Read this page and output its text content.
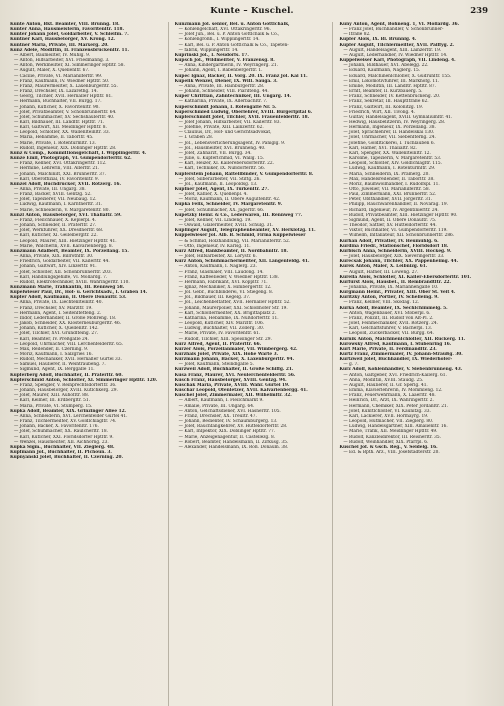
Kunte – Kuschel.	239
Kunte Anton, Bkt. Beamter, VIII. Brunng. 18.
Kunter Anna, Hausmeisterin, Favoritenſtr. 118.
Kunter Johann Joſef, Goldarbeiter, V. Schleifm. 7.
Kuntner Karl, Hausbeſorger, XV. Kröng. 12.
Kuntner Maria, Private, III. Marxerg. 20.
Kunz Adele, Modiſtin, II. Franzensbrückenſtr. 11.
— Albert, Baumeiſter, IV. Mühlg. 9.
— Anton, Hilfsarbeiter, XVI. Friedmanng. 3.
— Anton, Werkmeiſter, XI. Simmeringer Hptſtr. 58.
— Auguſt, Maler, X. Quellenſtr. 67.
— Cäcilie, Private, VI. Mariahilferſtr. 99.
— Franz, Kaufmann, IV. Wiedner Hptſtr. 50.
— Franz, Maurermeiſter, X. Laxenburgerſtr. 55.
— Franz, Drechsler, IX. Lazarethg. 14.
— Georg, Tiſchler, XVII. Hernalſer Hptſtr. 81.
— Hermann, Buchhalter, VII. Burgg. 17.
— Johann, Kutſcher, X. Favoritenſtr. 90.
— Joſef, Privatbeamter, V. Schönbrunnerſtr. 64.
— Joſef, Schuhmacher, XV. Sechshauſerſtr. 40.
— Karl, Bildhauer, III. Landſtr. Hptſtr. 71.
— Karl, Gaſtwirt, XII. Meidlinger Hptſtr. 8.
— Leopold, Schloſſer, XX. Wallenſteinſtr. 33.
— Maria, Hebamme, II. Taborſtr. 45.
— Marie, Private, I. Rotenturmſtr. 13.
— Rudolf, Ingenieur, XIX. Döblinger Hptſtr. 28.
Kunz & Comp., Kommiſſionsgeſchäft, I. Wipplingerſtr. 4.
Kunze Emil, Photograph, VI. Gumpendorferſtr. 62.
— Franz, Kellner, XVI. Ottakringerſtr. 112.
— Hermine, Lehrerin, VIII. Alſerſtr. 21.
— Johann, Maſchiniſt, XXI. Brünnerſtr. 37.
— Karl, Oberoffizial, IV. Favoritenſtr. 9.
Künzel Adolf, Buchdrucker, XVII. Rötzerg. 16.
— Anna, Private, III. Ungarg. 38.
— Franz, Bäcker, XVIII. Gentzg. 52.
— Joſef, Tapezierer, VII. Neubaug. 12.
— Ludwig, Kaufmann, I. Kärntnerſtr. 31.
— Marie, Schneiderin, V. Margaretenſtr. 80.
Kunzl Anton, Hausbeſorger, XVI. Thaliaſtr. 59.
— Franz, Fleiſchhauer, X. Keplerpl. 4.
— Johann, Schneider, II. Praterſtr. 27.
— Joſef, Werkführer, XX. Dresdnerſtr. 68.
— Karl, Kutſcher, XI. Geiſelbergſtr. 22.
— Leopold, Maurer, XIII. Hietzinger Hptſtr. 41.
— Marie, Wäſcherin, XVII. Kalvarienbergg. 8.
Kunzmann Adalbert, Beamter, IX. Porzellang. 15.
— Anna, Private, XIX. Billrothſtr. 30.
— Friedrich, Goldarbeiter, VII. Kaiſerſtr. 44.
— Johann, Gaſtwirt, XIV. Linzerſtr. 91.
— Joſef, Schloſſer, XII. Schönbrunnerſtr. 203.
— Karl, Handlungsgehilfe, VI. Mollardg. 7.
— Rudolf, Elektrotechniker, XVIII. Währingerſtr. 110.
Kunzmann Marie, Trafikantin, III. Rennweg 58.
Kupelwieser Paul, Dr., Hof- u. Gerichtsadv., I. Graben 14.
Kupfer Adolf, Kaufmann, II. Obere Donauſtr. 53.
— Anna, Private, IX. Liechtenſteinſtr. 40.
— Franz, Drechsler, XV. Märzſtr. 19.
— Hermann, Agent, I. Seitenſtetteng. 2.
— Iſidor, Lederhändler, II. Große Mohreng. 18.
— Jakob, Schneider, XX. Klosterneuburgerſtr. 46.
— Johann, Kutſcher, X. Quellenſtr. 142.
— Joſef, Tiſchler, XVI. Grundſteing. 27.
— Karl, Beamter, IV. Preßgaſſe 24.
— Leopold, Uhrmacher, VIII. Lerchenfelderſtr. 65.
— Max, Reiſender, II. Czerning. 9.
— Moriz, Kaufmann, I. Salzgries 16.
— Rudolf, Mechaniker, XVII. Hernalſer Gürtel 33.
— Samuel, Hauſierer, II. Weintraubeng. 7.
— Sigmund, Agent, IX. Berggaſſe 11.
Kupferberg Adolf, Buchhalter, II. Praterſtr. 60.
Kupferschmid Anton, Schloſſer, XI. Simmeringer Hptſtr. 120.
— Franz, Spengler, V. Reinprechtsdorferſtr. 36.
— Johann, Hausbeſorger, XVIII. Kutſchkerg. 29.
— Joſef, Maurer, XIII. Auhofſtr. 88.
— Karl, Kellner, III. Erdbergſtr. 51.
— Maria, Private, VI. Stumperg. 15.
Kupka Adolf, Beamter, XIX. Grinzinger Allee 12.
— Anna, Schneiderin, XVI. Lerchenfelder Gürtel 41.
— Franz, Tiſchlermeiſter, XV. Goldſchlagſtr. 74.
— Johann, Bäcker, X. Favoritenſtr. 176.
— Joſef, Schuhmacher, XX. Rauſcherſtr. 18.
— Karl, Kutſcher, XXI. Floridsdorfer Hptſtr. 9.
— Wenzel, Hausmeiſter, XII. Aichhorng. 23.
Kupka Sigm., Buchhalter, VII. Zieglerg. 48.
Kupfmann Jof., Buchhalter, II. Pſchoun. 3.
Kupnyanski Joſef, Buchhalter, II. Czerning. 20.
Kunzmann Joſ. senior, Bel. u. Anton Gottſchalk,
— Kohlengeſchäft, XVI. Ottakringerſtr. 96.
— Joſef Jun., Bel. u. P. Anton Gottſchalk & Co.,
— Kohlengroßh., I. Wipplingerſtr. 14.
— Karl, Bel. u. P. Anton Gottſchalk & Co., Tapeten-
— fabrik, Wipplingerſtr. 14.
Kuprinski Joſ., I. Neudorfs. 17.
Kupsch Joſ., Wildmeiſter, V. Franzensg. 8.
— Anna, Kindergärtnerin, IV. Weyringerg. 21.
— Johann, Agent, I. Babenbergerſtr. 1.
Kupec Ignaz, Bäcker, II. Vorg. 20. IX. Franz Joſ. Kai 11.
Kupelik Wenzel, Diener, IX. Wiſſ. Sauga. 3.
— Anna, Private, III. Hainburgerſtr. 28.
— Johann, Schneider, VIII. Piariſteng. 44.
Kuper Chriſtian, Zahntechniker, III. Ungarg. 14.
— Katharina, Private, IX. Alſerbachſtr. 7.
Kuperschmidt Johann, I. Rofengaſſe Nr. 5.
Kuperschmied Ludwig, Oberlehrer, XVIII. Bürgerſpital 6.
Kupferschmidt Joſef, Tiſchler, XVII. Frauenfelderſtr. 18.
— Joſef Johann, Hilfsarbeiter, VII. Kaiſerſtr. 83.
— Joſefine, Private, XIII. Lainzerſtr. 62.
— Clauſius, Dr., Hof- und Gerichtsadvokat,
— I. Graben 28.
— Joſ., Lebensverſicherungsagent, IV. Paniglg. 9.
— Joſ., Hausmeiſter, XVI. Brunneng. 40.
— Joſef, Zahnarzt, VII. Burgg. 34.
— Julie, u. Kupferſchmid, VI. Wallg. 15.
— Karl, Heizer, XI. Kaiſerebersdorferſtr. 22.
— Karl, Techniker, IX. Nußdorferſtr. 56.
Kupferstein Johann, Raſtellbinder, V. Gumpendorferſtr. 8.
— Joſef, Silberarbeiter, VII. Stiftg. 26.
— Joſ., Kaufmann, II. Leopoldsg. 13.
Kupfner Joſef, Agent, IX. Türkenſtr. 27.
— Joſef, Kaſſier, X. Quellenpl. 4.
— Moriz, Kaufmann, II. Obere Auguſtenſtr. 42.
Kupka Felix, Schneider, IV. Margaretenſtr. 9.
— Joſef, Schuhmacher, XX. Jägerſtr. 66.
Kupetzky Heinr. & Co., Lederwaren, III. Rennweg 77.
— Joſef, Kellner, VII. Lindeng. 19.
— Oswald, Glaſermeiſter, XVIII. Schulg. 31.
Kuplinger Auguſt, Telegraphenbeamter, XV. Herklotzg. 11.
Kuppelwieser Joſ. Alb. B. Schmid, Firma Kuppelwieser
— & Schmid, Holzhandlung, VII. Mariahilferſtr. 52.
— Otto, Ingenieur, IV. Karlsg. 11.
Kurz Alfred, Bankbeamter, II. Nordbahnſtr. 18.
— Joſef, Hilfsarbeiter, XI. Lorystr. 6.
Kurz Anton, Schuhmachermeiſter, XII. Längenfeldg. 41.
— Anton, Kaufmann, I. Naglerg. 23.
— Franz, Glasmaler, VIII. Laudong. 14.
— Franz, Kaffeeſieder, V. Wiedner Hptſtr. 138.
— Hermann, Fabrikant, XVI. Koppſtr. 71.
— Ignaz, Mechaniker, X. Himbergerſtr. 12.
— Joſ. Gebr., Buchbinderei, VI. Stiegeng. 8.
— Joſ., Bildhauer, III. Kegelg. 37.
— Joſ., Leichenbeſtatter, XVII. Hernalſer Hptſtr. 52.
— Johann, Maurerpolier, XXI. Schloßhofer Str. 19.
— Karl, Schloſſermeiſter, XX. Brigittaplatz 2.
— Katharina, Hebamme, IX. Nußdorferſtr. 11.
— Leopold, Kutſcher, XIV. Märzſtr. 106.
— Ludwig, Buchhalter, VII. Zollerg. 30.
— Marie, Private, IV. Favoritenſtr. 61.
— Rudolf, Tiſchler, XIII. Speisinger Str. 29.
Kurz Alfred, Agent, II. Praterſtr. 66.
Kurzer Alois, Porzellanmaler, VII. Wimbergerg. 42.
Kurzhals Joſef, Private, XIX. Hohe Warte 3.
Kurzmann Johann, Bäcker, X. Laxenburgerſtr. 94.
— Joſef, Kaufmann, Steindlgaſſe 5.
Kurzweil Adolf, Buchhalter, II. Große Schiffg. 21.
Kusa Franz, Maurer, XVI. Neulerchenfelderſtr. 56.
Kusch Franz, Hausbeſorger, XVIII. Gentzg. 94.
Kuschak Maria, Private, XVIII. Währ. Gürtel 19.
Kuschar Leopold, Ofenſetzer, XVII. Kalvarienbergg. 41.
Kuschel Joſef, Zimmermaler, XII. Wilhelmſtr. 32.
— Albert, Kaufmann, I. Fleiſchmarkt 9.
— Amalie, Private, III. Ungarg. 64.
— Anton, Geſchäftsdiener, XVI. Hasnerſtr. 105.
— Franz, Drechsler, XX. Treuſtr. 47.
— Johann, Bedienter, IV. Schaumburgerg. 13.
— Joſef, Rauchfangkehrer, XV. Hütteldorferſtr. 28.
— Karl, Inſpektor, XIX. Döblinger Hptſtr. 77.
— Marie, Anzeigenagentur, II. Castellezg. 8.
— Robert, Beamter, Handelsmann, II. Zirkusg. 35.
— Alexander, Handelsmann, IX. Roß. Donaum. 38.
Kuny Anton, Agent, Bohneng. 1, VI. Mollardg. 36.
— Franz Joſef, Buchhändler, V. Schönbrunner-
— ſtraße 82.
Kupfer Alois, IX. Bl. Brünnlg. 4.
Kupfer Auguſt, Tiſchlermeiſter, XVII. Palffyg. 2.
— Auguſt, Handelsagent, XIII. Lainzerſtr. 19.
— Auguſt, Lederhändler, IV. Wiedner Hptſtr. 14.
Kuppelweiser Karl, Photograph, VII. Lindeng. 4.
— Johann, Bildhauer, XVI. Abelegg. 22.
— Eduard, Kaufmann, Naglerg. 15.
— Eduard, Maſchinenſchloſſer, X. Gudrunſtr. 155.
— Emil, Lokomotivführer, III. Markhofg. 11.
— Emilie, Modiſtin, III. Landſtr. Hptſtr. 87.
— Ernſt, Beamter, II. Kurzbauerg. 5.
— Franz, Schneider, IV. Kettenbrückeng. 20.
— Franz, Sekretär, III. Hauptſtraße 62.
— Franz, Gaſtwirt, III. Kolonitzg. 19.
— Friedrich, Wirt, XII. Tivolig. 4.
— Guſtav, Handelsagent, XVIII. Gymnaſiumſtr. 41.
— Hedwig, Hausbeſitzerin, IV. Weyringerg. 28.
— Hermann, Ingenieur, IX. Porzellang. 38.
— Joſef, Sprachlehrer, II. Handelskai 130.
— Joſef, Uhrmacher, VII. Siebenſterng. 24.
— Joſefine, Goldſtickerei, I. Tuchlauben 6.
— Karl, Hafner, XVI. Thaliaſtr. 82.
— Karl, Spengler, XX. Wallenſteinſtr. 12.
— Karoline, Tapezierin, V. Margaretenſtr. 53.
— Leopold, Schloſſer, XIV. Goldſchlagſtr. 115.
— Ludwig, Kaufmann, I. Rotenturmſtr. 29.
— Maria, Schneiderin, IX. Pramerg. 20.
— Max, Handelsreiſender, II. Taborſtr. 38.
— Moriz, Baumwollhändler, I. Rudolfspl. 11.
— Otto, Juwelier, VII. Mariahilferſtr. 58.
— Paul, Zimmermann, XXI. Brünnerſtr. 52.
— Peter, Obſthändler, XVII. Jörgerſtr. 31.
— Philipp, Rauchwarenhändler, II. Novarag. 19.
— Richard, Ingenieur, IV. Argentinierſtr. 24.
— Rudolf, Privatbeamter, XIII. Hietzinger Hptſtr. 90.
— Sigmund, Agent, II. Obere Donauſtr. 75.
— Theodor, Sattler, XV. Hütteldorferſtr. 44.
— Viktor, Buchhalter, VI. Gumpendorferſtr. 119.
— Wilhelm, Inſtallateur, XII. Schönbrunnerſtr. 286.
Kurhan Adolf, Privatier, IV. Heumühlg. 6.
Kurdina Friedr., Stationschef, Floridsdorf 18.
Kürbisch Anna, Schneiderin, XVIII. Hockeg. 9.
— Joſef, Hausbeſorger, XIX. Sieveringerſtr. 33.
Kurecsak Johann, Tiſchler, XX. Pappenheimg. 44.
Kurek Anton, Maler, X. Leibnizg. 61.
— Auguſt, Hafner, III. Löweng. 27.
Kurella Alois, Schloſſer, XI. Kaiſer-Ebersdorferſtr. 101.
Kurfürst Alois, Hausbeſ., II. Rembrandtſtr. 22.
— Johanna, Private, IX. Mariannengaſſe 10.
Kurgmann Heinr., Privater, XIII. Ober St. Veit 4.
Kuritzky Anton, Portier, IV. Schelleing. 9.
— Franz, Kellner, VIII. Skodag. 12.
Kurka Adolf, Beamter, IX. Sechſchimmelg. 5.
— Anton, Wagenbauer, XVI. Stöberpl. 6.
— Franz, Poliziſt, III. Rudolf von Alt-Pl. 2.
— Joſef, Feinmechaniker, XVII. Rötzerg. 24.
— Karl, Geſchäftsführer, V. Bacherpl. 13.
— Leopold, Zuckerbäcker, VII. Burgg. 64.
Kurnik Anton, Maſchinenſchloſſer, XII. Ruckerg. 11.
Kurowsky Alfred, Kaufmann, I. Stubenring 16.
Kurt Marie, Private, II. Ferdinandſtr. 23.
Kurtz Franz, Zimmermaler, IV. Johann-Straußg. 30.
Kurtzweil Joſef, Buchhändler, IX. Wiederhofer-
— g. 7.
Kurz Adolf, Kohlenhändler, V. Siebenbrunneng. 43.
— Anton, Gaſtgeber, XVI. Friedrich-Kaiſerg. 61.
— Anna, Modiſtin, XVIII. Staudg. 25.
— Auguſt, Hauſierer, II. Gr. Sperlg. 41.
— Emma, Klavierlehrerin, IV. Mommſeng. 12.
— Franz, Feuerwehrmann, X. Laaerſtr. 48.
— Heinrich, Dr., Arzt, IX. Währingerſtr. 2.
— Hermann, Chemiker, XIX. Peter Jordanſtr. 21.
— Joſef, Kunſtſchloſſer, VI. Kaunitzg. 33.
— Karl, Lackierer, XVII. Hormayrg. 19.
— Leopold, Hutmacher, VII. Zieglerg. 80.
— Ludwig, Handelsgärtner, XIII. Amalienſtr. 16.
— Marie, Trafik, XII. Meidlinger Hptſtr. 49.
— Rudolf, Kanzleidirektor, III. Reisnerſtr. 35.
— Rudolf, Weinhändler, XIX. Pfarrpl. 6.
Kuschel Jof. & Gsch. Reg., V. Seidelg. 16.
— Ed. & Bpth. Arz., VIII. Josefstädterstr. 20.
